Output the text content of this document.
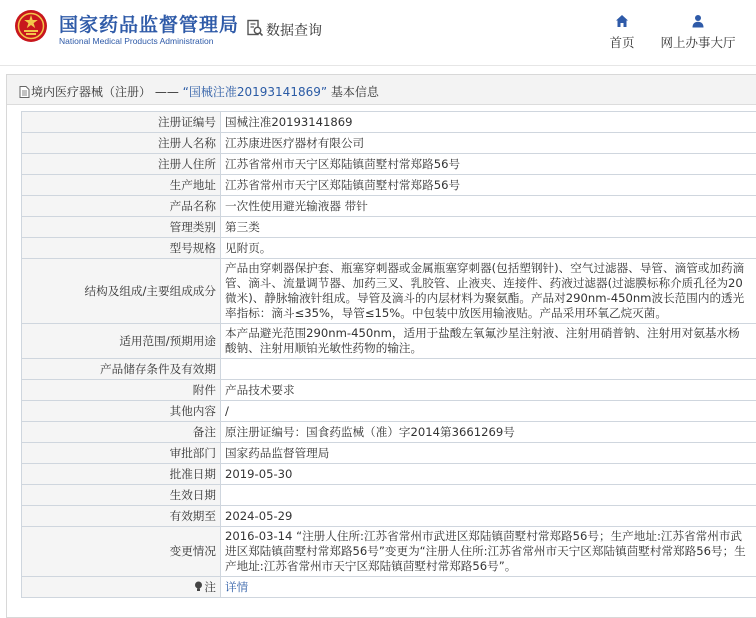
国家药品监督管理局
National Medical Products Administration
数据查询
首页 网上办事大厅
境内医疗器械（注册） —— “国械注准20193141869” 基本信息
注册证编号	国械注准20193141869
注册人名称	江苏康进医疗器材有限公司
注册人住所	江苏省常州市天宁区郑陆镇茴墅村常郑路56号
生产地址	江苏省常州市天宁区郑陆镇茴墅村常郑路56号
产品名称	一次性使用避光输液器 带针
管理类别	第三类
型号规格	见附页。
结构及组成/主要组成成分	产品由穿刺器保护套、瓶塞穿刺器或金属瓶塞穿刺器(包括塑钢针)、空气过滤器、导管、滴管或加药滴管、滴斗、流量调节器、加药三叉、乳胶管、止液夹、连接件、药液过滤器(过滤膜标称介质孔径为20微米)、静脉输液针组成。导管及滴斗的内层材料为聚氨酯。产品对290nm-450nm波长范围内的透光率指标：滴斗≤35%，导管≤15%。中包装中放医用输液贴。产品采用环氧乙烷灭菌。
适用范围/预期用途	本产品避光范围290nm-450nm，适用于盐酸左氧氟沙星注射液、注射用硝普钠、注射用对氨基水杨酸钠、注射用顺铂光敏性药物的输注。
产品储存条件及有效期	
附件	产品技术要求
其他内容	/
备注	原注册证编号：国食药监械（准）字2014第3661269号
审批部门	国家药品监督管理局
批准日期	2019-05-30
生效日期	
有效期至	2024-05-29
变更情况	2016-03-14 “注册人住所:江苏省常州市武进区郑陆镇茴墅村常郑路56号；生产地址:江苏省常州市武进区郑陆镇茴墅村常郑路56号”变更为“注册人住所:江苏省常州市天宁区郑陆镇茴墅村常郑路56号；生产地址:江苏省常州市天宁区郑陆镇茴墅村常郑路56号”。
注	详情
